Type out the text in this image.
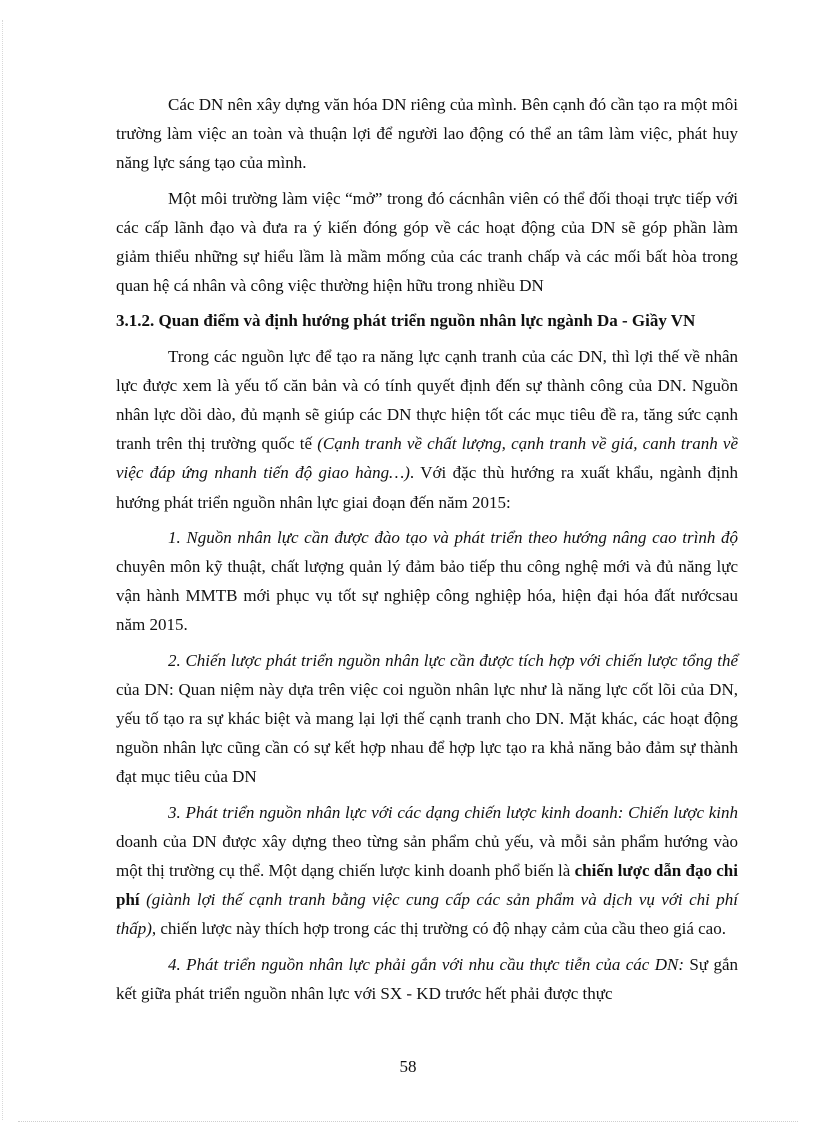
Các DN nên xây dựng văn hóa DN riêng của mình. Bên cạnh đó cần tạo ra một môi trường làm việc an toàn và thuận lợi để người lao động có thể an tâm làm việc, phát huy năng lực sáng tạo của mình.

Một môi trường làm việc “mở” trong đó cácnhân viên có thể đối thoại trực tiếp với các cấp lãnh đạo và đưa ra ý kiến đóng góp về các hoạt động của DN sẽ góp phần làm giảm thiểu những sự hiểu lầm là mầm mống của các tranh chấp và các mối bất hòa trong quan hệ cá nhân và công việc thường hiện hữu trong nhiều DN

3.1.2. Quan điểm và định hướng phát triển nguồn nhân lực ngành Da - Giầy VN

Trong các nguồn lực để tạo ra năng lực cạnh tranh của các DN, thì lợi thế về nhân lực được xem là yếu tố căn bản và có tính quyết định đến sự thành công của DN. Nguồn nhân lực dồi dào, đủ mạnh sẽ giúp các DN thực hiện tốt các mục tiêu đề ra, tăng sức cạnh tranh trên thị trường quốc tế (Cạnh tranh về chất lượng, cạnh tranh về giá, canh tranh về việc đáp ứng nhanh tiến độ giao hàng…). Với đặc thù hướng ra xuất khẩu, ngành định hướng phát triển nguồn nhân lực giai đoạn đến năm 2015:

1. Nguồn nhân lực cần được đào tạo và phát triển theo hướng nâng cao trình độ chuyên môn kỹ thuật, chất lượng quản lý đảm bảo tiếp thu công nghệ mới và đủ năng lực vận hành MMTB mới phục vụ tốt sự nghiệp công nghiệp hóa, hiện đại hóa đất nướcsau năm 2015.

2. Chiến lược phát triển nguồn nhân lực cần được tích hợp với chiến lược tổng thể của DN: Quan niệm này dựa trên việc coi nguồn nhân lực như là năng lực cốt lõi của DN, yếu tố tạo ra sự khác biệt và mang lại lợi thế cạnh tranh cho DN. Mặt khác, các hoạt động nguồn nhân lực cũng cần có sự kết hợp nhau để hợp lực tạo ra khả năng bảo đảm sự thành đạt mục tiêu của DN

3. Phát triển nguồn nhân lực với các dạng chiến lược kinh doanh: Chiến lược kinh doanh của DN được xây dựng theo từng sản phẩm chủ yếu, và mỗi sản phẩm hướng vào một thị trường cụ thể. Một dạng chiến lược kinh doanh phổ biến là chiến lược dẫn đạo chi phí (giành lợi thế cạnh tranh bằng việc cung cấp các sản phẩm và dịch vụ với chi phí thấp), chiến lược này thích hợp trong các thị trường có độ nhạy cảm của cầu theo giá cao.

4. Phát triển nguồn nhân lực phải gắn với nhu cầu thực tiễn của các DN: Sự gắn kết giữa phát triển nguồn nhân lực với SX - KD trước hết phải được thực

58
